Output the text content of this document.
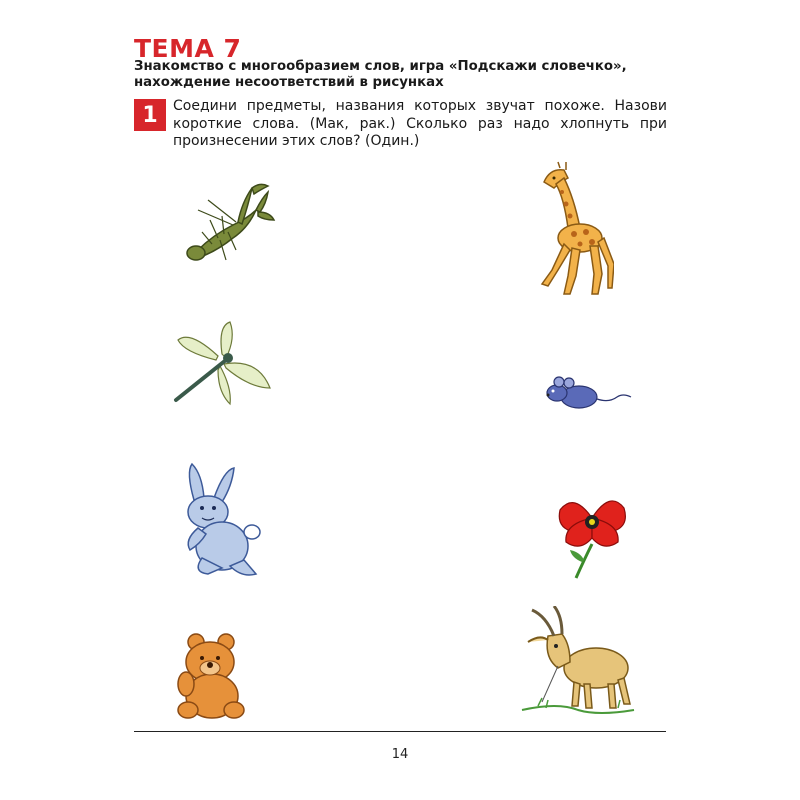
ТЕМА 7
Знакомство с многообразием слов, игра «Подскажи словечко», нахождение несоответствий в рисунках
1	Соедини предметы, названия которых звучат похоже. Назови короткие слова. (Мак, рак.) Сколько раз надо хлопнуть при произнесении этих слов? (Один.)
14
